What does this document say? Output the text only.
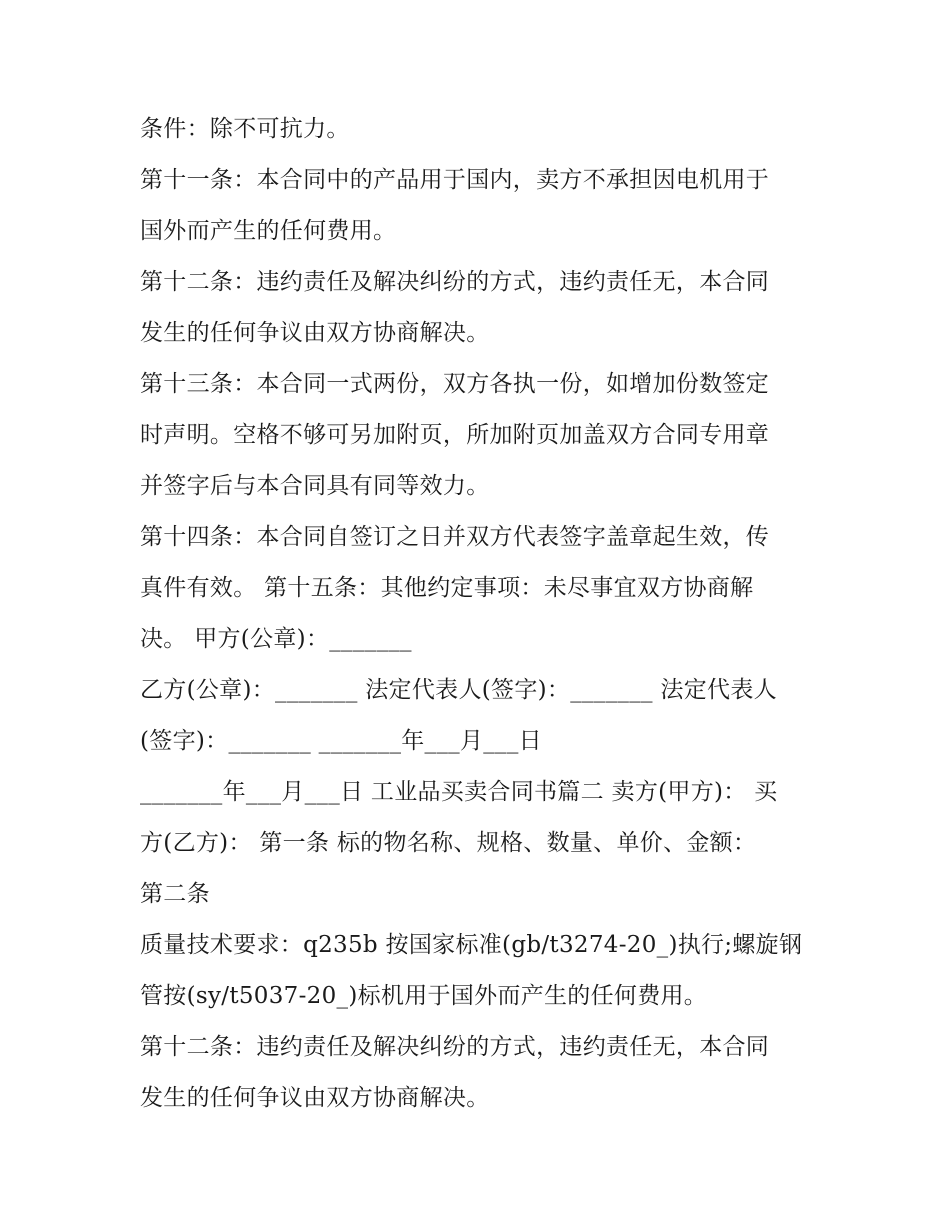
条件：除不可抗力。
第十一条：本合同中的产品用于国内，卖方不承担因电机用于
国外而产生的任何费用。
第十二条：违约责任及解决纠纷的方式，违约责任无，本合同
发生的任何争议由双方协商解决。
第十三条：本合同一式两份，双方各执一份，如增加份数签定
时声明。空格不够可另加附页，所加附页加盖双方合同专用章
并签字后与本合同具有同等效力。
第十四条：本合同自签订之日并双方代表签字盖章起生效，传
真件有效。 第十五条：其他约定事项：未尽事宜双方协商解
决。 甲方(公章)：_______
乙方(公章)：_______ 法定代表人(签字)：_______ 法定代表人
(签字)：_______ _______年___月___日
_______年___月___日 工业品买卖合同书篇二 卖方(甲方)： 买
方(乙方)： 第一条 标的物名称、规格、数量、单价、金额：
第二条
质量技术要求：q235b 按国家标准(gb/t3274-20_)执行;螺旋钢
管按(sy/t5037-20_)标机用于国外而产生的任何费用。
第十二条：违约责任及解决纠纷的方式，违约责任无，本合同
发生的任何争议由双方协商解决。
